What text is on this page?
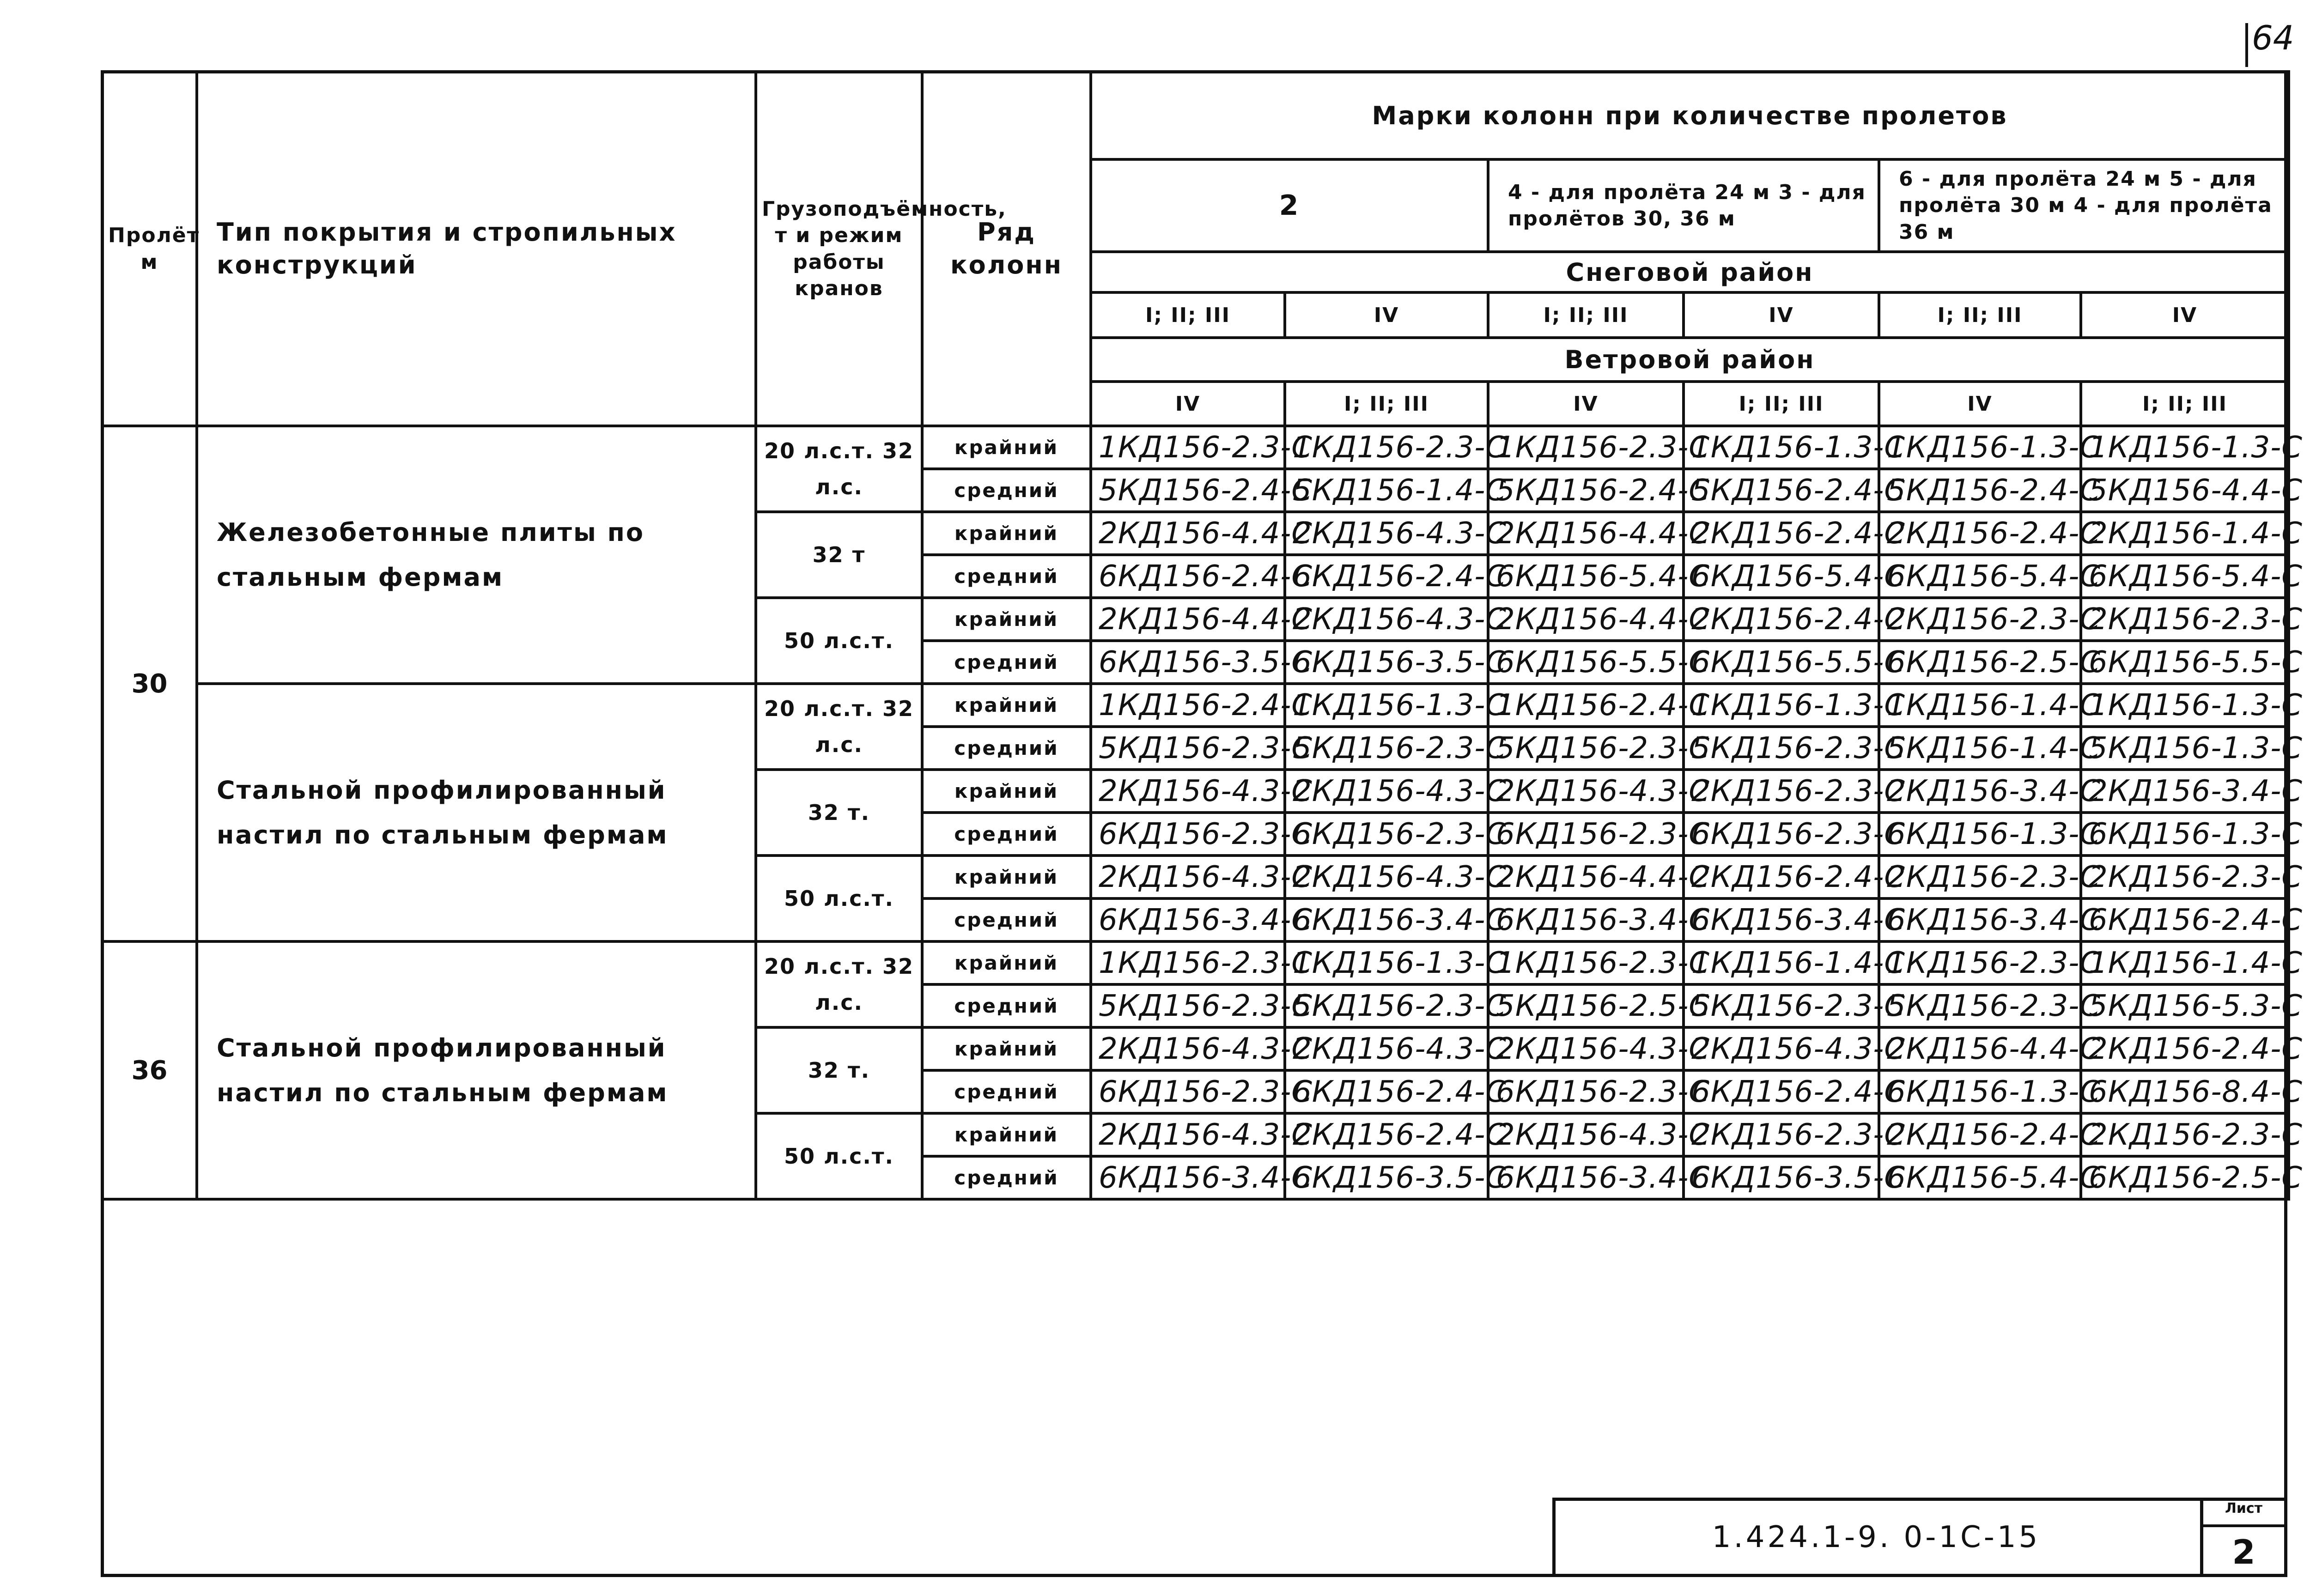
64
Пролёт м	Тип покрытия и стропильных конструкций	Грузоподъёмность, т и режим работы кранов	Ряд колонн	Марки колонн при количестве пролетов					
				2		4 - для пролёта 24 м 3 - для пролётов 30, 36 м		6 - для пролёта 24 м 5 - для пролёта 30 м 4 - для пролёта 36 м	
				Снеговой район					
				I; II; III	IV	I; II; III	IV	I; II; III	IV
				Ветровой район					
				IV	I; II; III	IV	I; II; III	IV	I; II; III
30	Железобетонные плиты по стальным фермам	20 л.с.т. 32 л.с.	крайний	1КД156-2.3-С	1КД156-2.3-С	1КД156-2.3-С	1КД156-1.3-С	1КД156-1.3-С	1КД156-1.3-С
			средний	5КД156-2.4-С	5КД156-1.4-С	5КД156-2.4-С	5КД156-2.4-С	5КД156-2.4-С	5КД156-4.4-С
		32 т	крайний	2КД156-4.4-С	2КД156-4.3-С	2КД156-4.4-С	2КД156-2.4-С	2КД156-2.4-С	2КД156-1.4-С
			средний	6КД156-2.4-С	6КД156-2.4-С	6КД156-5.4-С	6КД156-5.4-С	6КД156-5.4-С	6КД156-5.4-С
		50 л.с.т.	крайний	2КД156-4.4-С	2КД156-4.3-С	2КД156-4.4-С	2КД156-2.4-С	2КД156-2.3-С	2КД156-2.3-С
			средний	6КД156-3.5-С	6КД156-3.5-С	6КД156-5.5-С	6КД156-5.5-С	6КД156-2.5-С	6КД156-5.5-С
	Стальной профилированный настил по стальным фермам	20 л.с.т. 32 л.с.	крайний	1КД156-2.4-С	1КД156-1.3-С	1КД156-2.4-С	1КД156-1.3-С	1КД156-1.4-С	1КД156-1.3-С
			средний	5КД156-2.3-С	5КД156-2.3-С	5КД156-2.3-С	5КД156-2.3-С	5КД156-1.4-С	5КД156-1.3-С
		32 т.	крайний	2КД156-4.3-С	2КД156-4.3-С	2КД156-4.3-С	2КД156-2.3-С	2КД156-3.4-С	2КД156-3.4-С
			средний	6КД156-2.3-С	6КД156-2.3-С	6КД156-2.3-С	6КД156-2.3-С	6КД156-1.3-С	6КД156-1.3-С
		50 л.с.т.	крайний	2КД156-4.3-С	2КД156-4.3-С	2КД156-4.4-С	2КД156-2.4-С	2КД156-2.3-С	2КД156-2.3-С
			средний	6КД156-3.4-С	6КД156-3.4-С	6КД156-3.4-С	6КД156-3.4-С	6КД156-3.4-С	6КД156-2.4-С
36	Стальной профилированный настил по стальным фермам	20 л.с.т. 32 л.с.	крайний	1КД156-2.3-С	1КД156-1.3-С	1КД156-2.3-С	1КД156-1.4-С	1КД156-2.3-С	1КД156-1.4-С
			средний	5КД156-2.3-С	5КД156-2.3-С	5КД156-2.5-С	5КД156-2.3-С	5КД156-2.3-С	5КД156-5.3-С
		32 т.	крайний	2КД156-4.3-С	2КД156-4.3-С	2КД156-4.3-С	2КД156-4.3-С	2КД156-4.4-С	2КД156-2.4-С
			средний	6КД156-2.3-С	6КД156-2.4-С	6КД156-2.3-С	6КД156-2.4-С	6КД156-1.3-С	6КД156-8.4-С
		50 л.с.т.	крайний	2КД156-4.3-С	2КД156-2.4-С	2КД156-4.3-С	2КД156-2.3-С	2КД156-2.4-С	2КД156-2.3-С
			средний	6КД156-3.4-С	6КД156-3.5-С	6КД156-3.4-С	6КД156-3.5-С	6КД156-5.4-С	6КД156-2.5-С
1.424.1-9. 0-1С-15
Лист
2
